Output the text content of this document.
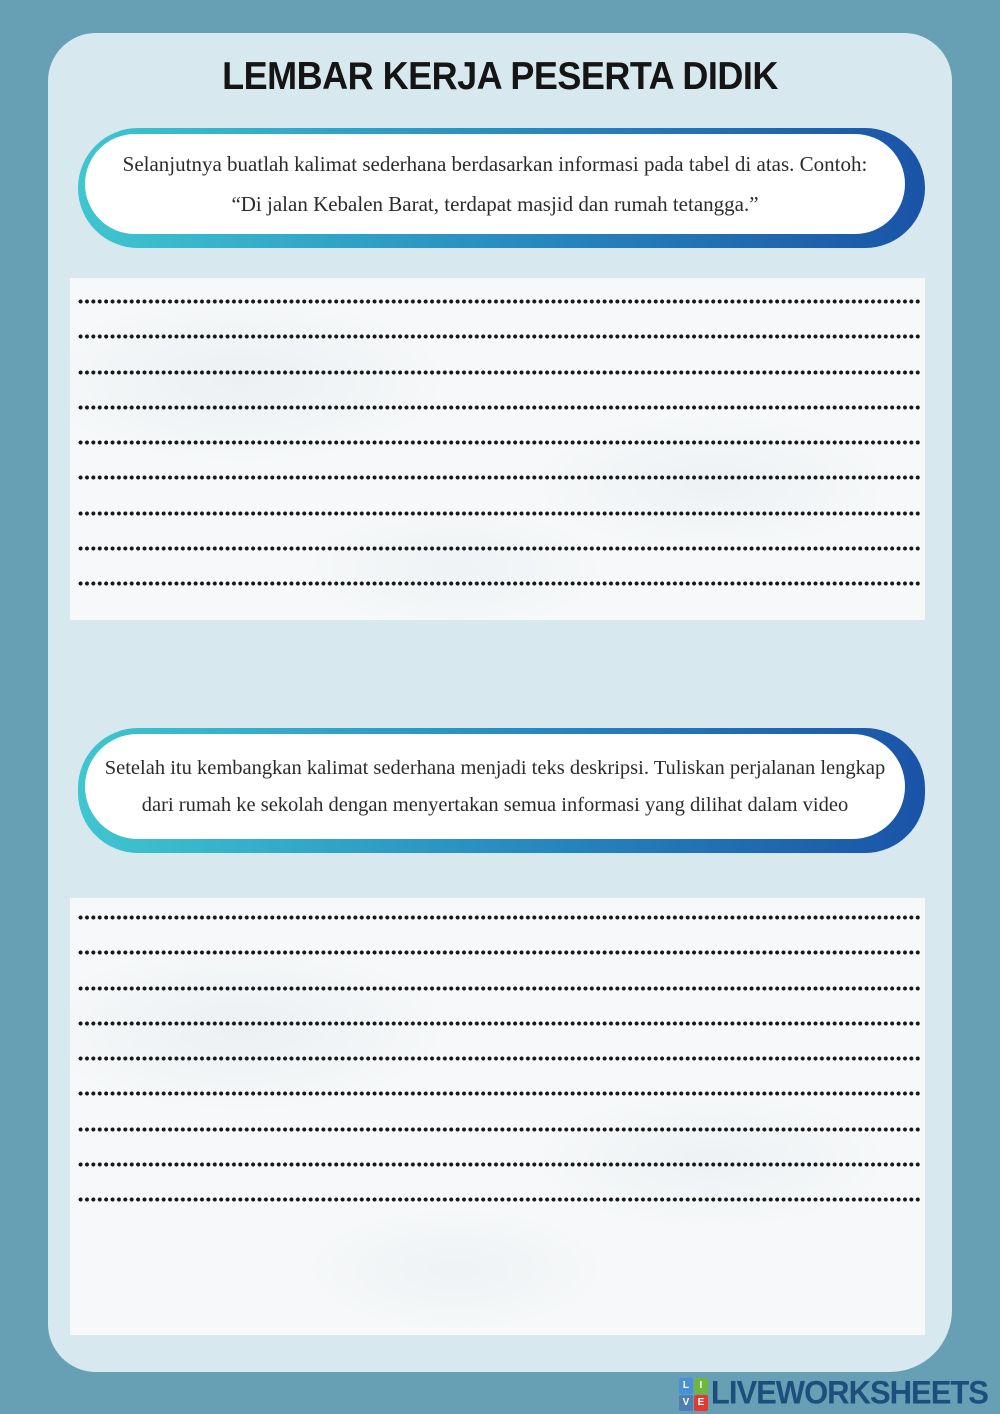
LEMBAR KERJA PESERTA DIDIK

Selanjutnya buatlah kalimat sederhana berdasarkan informasi pada tabel di atas. Contoh: “Di jalan Kebalen Barat, terdapat masjid dan rumah tetangga.”

Setelah itu kembangkan kalimat sederhana menjadi teks deskripsi. Tuliskan perjalanan lengkap dari rumah ke sekolah dengan menyertakan semua informasi yang dilihat dalam video

L	I
V E LIVEWORKSHEETS
